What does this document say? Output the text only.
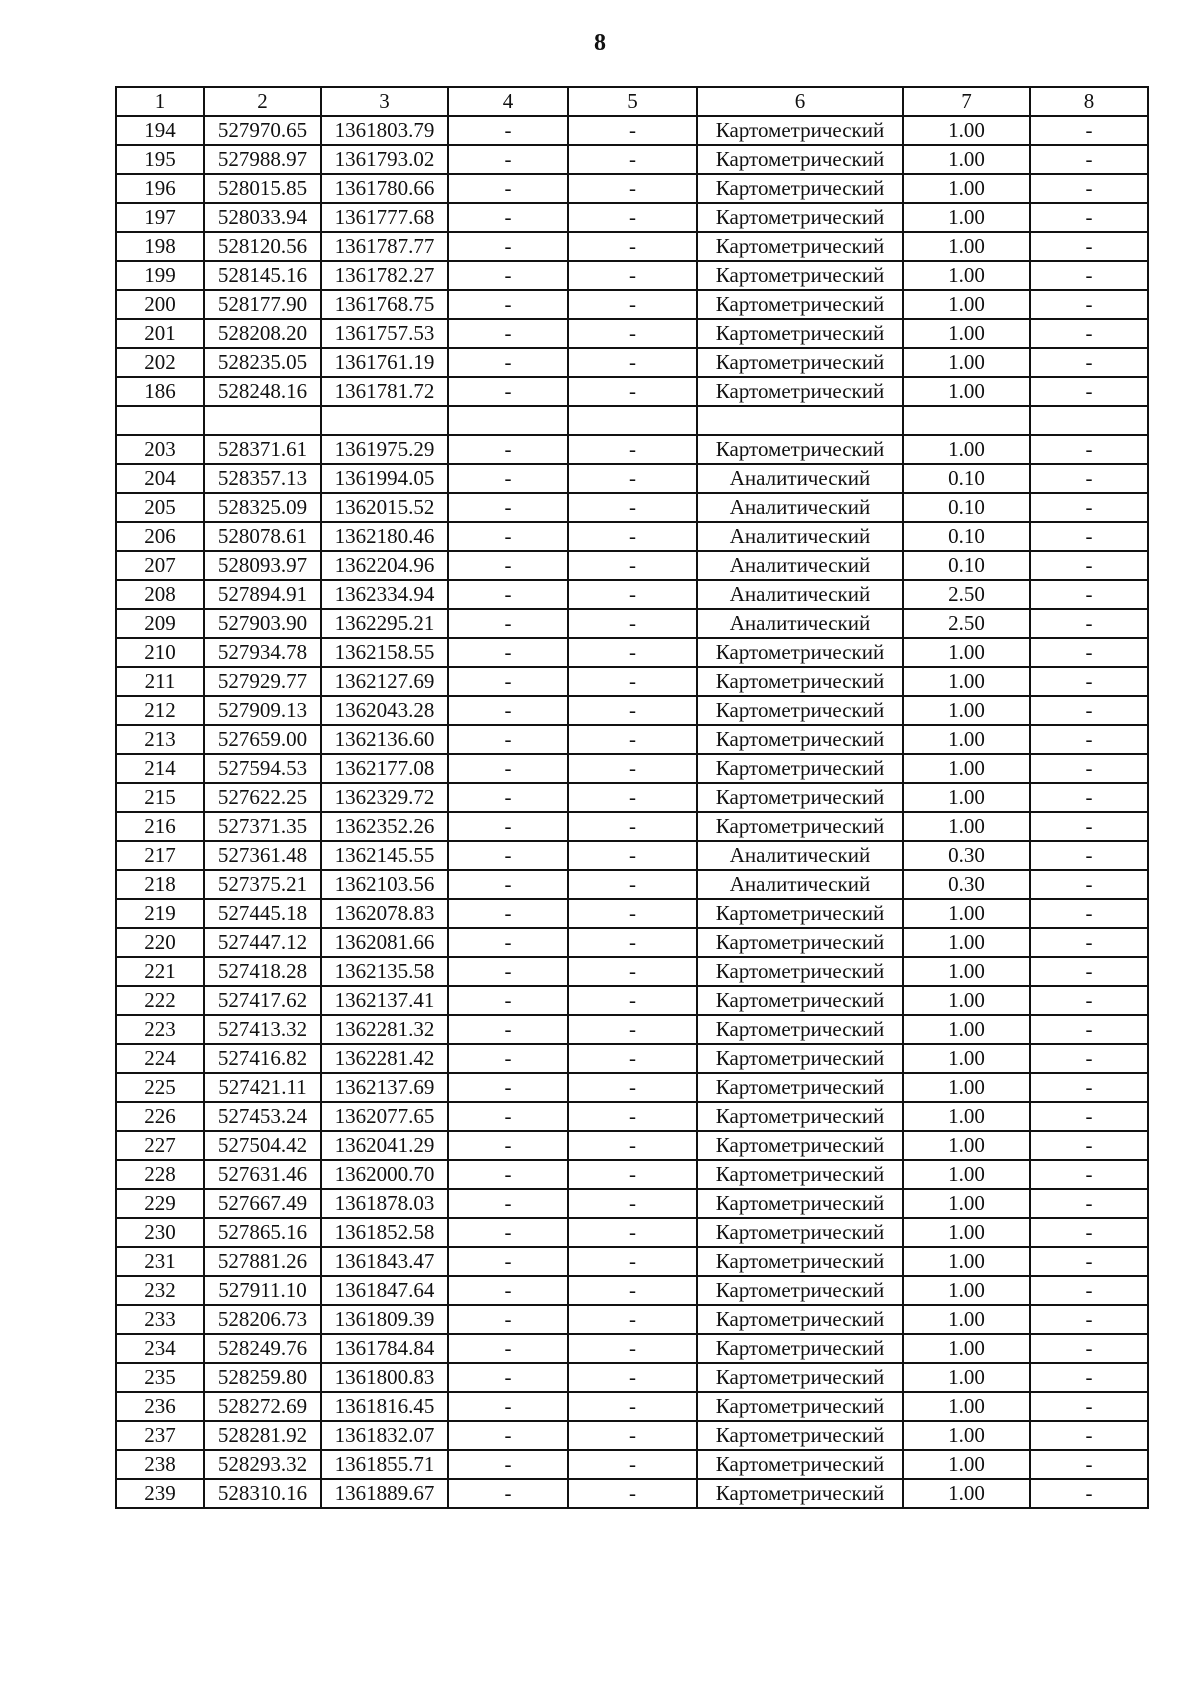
8
1	2	3	4	5	6	7	8
194	527970.65	1361803.79	-	-	Картометрический	1.00	-
195	527988.97	1361793.02	-	-	Картометрический	1.00	-
196	528015.85	1361780.66	-	-	Картометрический	1.00	-
197	528033.94	1361777.68	-	-	Картометрический	1.00	-
198	528120.56	1361787.77	-	-	Картометрический	1.00	-
199	528145.16	1361782.27	-	-	Картометрический	1.00	-
200	528177.90	1361768.75	-	-	Картометрический	1.00	-
201	528208.20	1361757.53	-	-	Картометрический	1.00	-
202	528235.05	1361761.19	-	-	Картометрический	1.00	-
186	528248.16	1361781.72	-	-	Картометрический	1.00	-

203	528371.61	1361975.29	-	-	Картометрический	1.00	-
204	528357.13	1361994.05	-	-	Аналитический	0.10	-
205	528325.09	1362015.52	-	-	Аналитический	0.10	-
206	528078.61	1362180.46	-	-	Аналитический	0.10	-
207	528093.97	1362204.96	-	-	Аналитический	0.10	-
208	527894.91	1362334.94	-	-	Аналитический	2.50	-
209	527903.90	1362295.21	-	-	Аналитический	2.50	-
210	527934.78	1362158.55	-	-	Картометрический	1.00	-
211	527929.77	1362127.69	-	-	Картометрический	1.00	-
212	527909.13	1362043.28	-	-	Картометрический	1.00	-
213	527659.00	1362136.60	-	-	Картометрический	1.00	-
214	527594.53	1362177.08	-	-	Картометрический	1.00	-
215	527622.25	1362329.72	-	-	Картометрический	1.00	-
216	527371.35	1362352.26	-	-	Картометрический	1.00	-
217	527361.48	1362145.55	-	-	Аналитический	0.30	-
218	527375.21	1362103.56	-	-	Аналитический	0.30	-
219	527445.18	1362078.83	-	-	Картометрический	1.00	-
220	527447.12	1362081.66	-	-	Картометрический	1.00	-
221	527418.28	1362135.58	-	-	Картометрический	1.00	-
222	527417.62	1362137.41	-	-	Картометрический	1.00	-
223	527413.32	1362281.32	-	-	Картометрический	1.00	-
224	527416.82	1362281.42	-	-	Картометрический	1.00	-
225	527421.11	1362137.69	-	-	Картометрический	1.00	-
226	527453.24	1362077.65	-	-	Картометрический	1.00	-
227	527504.42	1362041.29	-	-	Картометрический	1.00	-
228	527631.46	1362000.70	-	-	Картометрический	1.00	-
229	527667.49	1361878.03	-	-	Картометрический	1.00	-
230	527865.16	1361852.58	-	-	Картометрический	1.00	-
231	527881.26	1361843.47	-	-	Картометрический	1.00	-
232	527911.10	1361847.64	-	-	Картометрический	1.00	-
233	528206.73	1361809.39	-	-	Картометрический	1.00	-
234	528249.76	1361784.84	-	-	Картометрический	1.00	-
235	528259.80	1361800.83	-	-	Картометрический	1.00	-
236	528272.69	1361816.45	-	-	Картометрический	1.00	-
237	528281.92	1361832.07	-	-	Картометрический	1.00	-
238	528293.32	1361855.71	-	-	Картометрический	1.00	-
239	528310.16	1361889.67	-	-	Картометрический	1.00	-
